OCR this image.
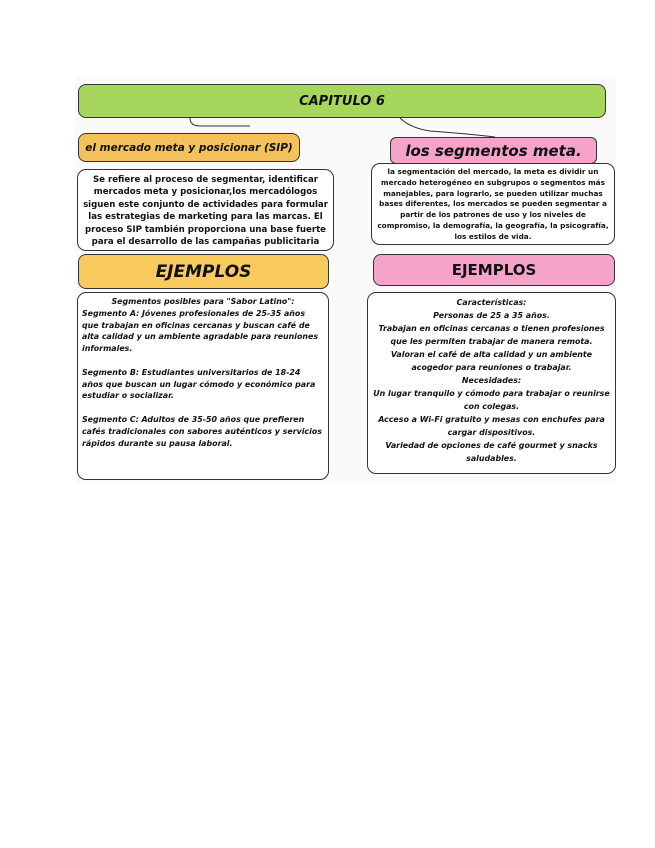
CAPITULO 6
el mercado meta y posicionar (SIP)	los segmentos meta.
Se refiere al proceso de segmentar, identificar mercados meta y posicionar,los mercadólogos siguen este conjunto de actividades para formular las estrategias de marketing para las marcas. El proceso SIP también proporciona una base fuerte para el desarrollo de las campañas publicitaria
la segmentación del mercado, la meta es dividir un mercado heterogéneo en subgrupos o segmentos más manejables, para lograrlo, se pueden utilizar muchas bases diferentes, los mercados se pueden segmentar a partir de los patrones de uso y los niveles de compromiso, la demografía, la geografía, la psicografía, los estilos de vida.
EJEMPLOS	EJEMPLOS
Segmentos posibles para "Sabor Latino":
Segmento A: Jóvenes profesionales de 25-35 años que trabajan en oficinas cercanas y buscan café de alta calidad y un ambiente agradable para reuniones informales.
Segmento B: Estudiantes universitarios de 18-24 años que buscan un lugar cómodo y económico para estudiar o socializar.
Segmento C: Adultos de 35-50 años que prefieren cafés tradicionales con sabores auténticos y servicios rápidos durante su pausa laboral.
Características:
Personas de 25 a 35 años.
Trabajan en oficinas cercanas o tienen profesiones que les permiten trabajar de manera remota.
Valoran el café de alta calidad y un ambiente acogedor para reuniones o trabajar.
Necesidades:
Un lugar tranquilo y cómodo para trabajar o reunirse con colegas.
Acceso a Wi-Fi gratuito y mesas con enchufes para cargar dispositivos.
Variedad de opciones de café gourmet y snacks saludables.
